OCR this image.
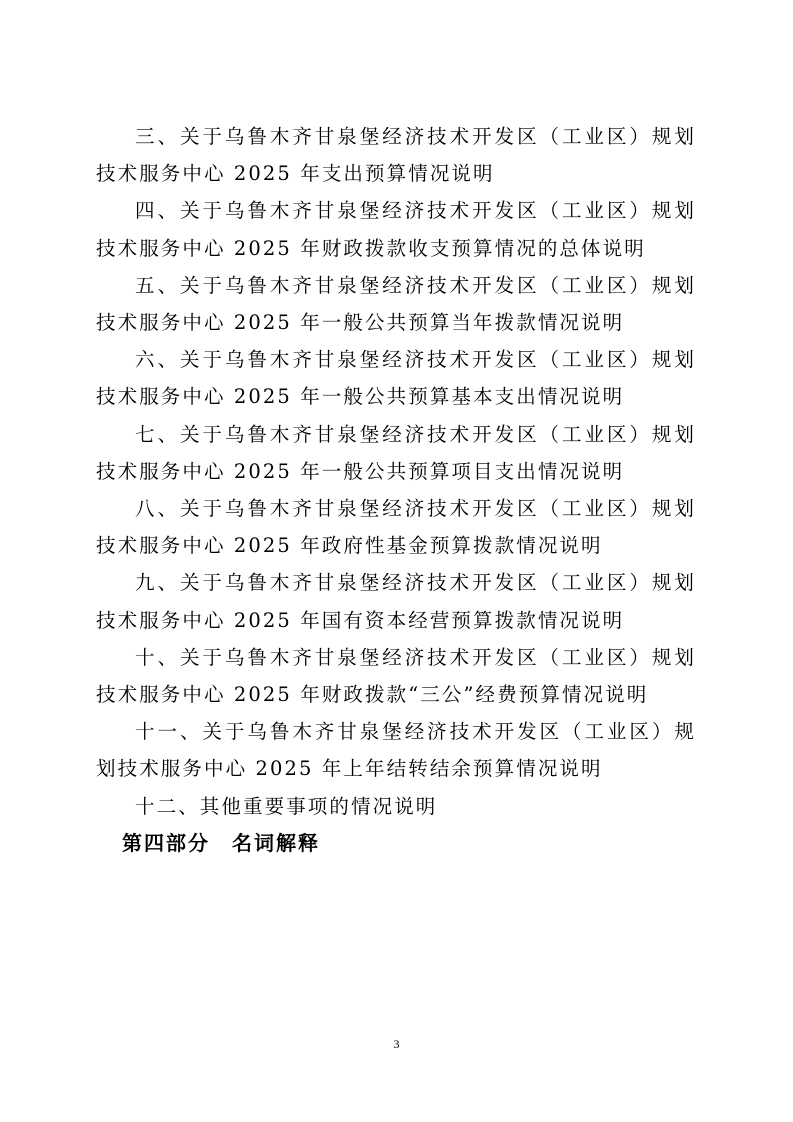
三、关于乌鲁木齐甘泉堡经济技术开发区（工业区）规划技术服务中心 2025 年支出预算情况说明

四、关于乌鲁木齐甘泉堡经济技术开发区（工业区）规划技术服务中心 2025 年财政拨款收支预算情况的总体说明

五、关于乌鲁木齐甘泉堡经济技术开发区（工业区）规划技术服务中心 2025 年一般公共预算当年拨款情况说明

六、关于乌鲁木齐甘泉堡经济技术开发区（工业区）规划技术服务中心 2025 年一般公共预算基本支出情况说明

七、关于乌鲁木齐甘泉堡经济技术开发区（工业区）规划技术服务中心 2025 年一般公共预算项目支出情况说明

八、关于乌鲁木齐甘泉堡经济技术开发区（工业区）规划技术服务中心 2025 年政府性基金预算拨款情况说明

九、关于乌鲁木齐甘泉堡经济技术开发区（工业区）规划技术服务中心 2025 年国有资本经营预算拨款情况说明

十、关于乌鲁木齐甘泉堡经济技术开发区（工业区）规划技术服务中心 2025 年财政拨款“三公”经费预算情况说明

十一、关于乌鲁木齐甘泉堡经济技术开发区（工业区）规划技术服务中心 2025 年上年结转结余预算情况说明

十二、其他重要事项的情况说明

第四部分　名词解释

3
